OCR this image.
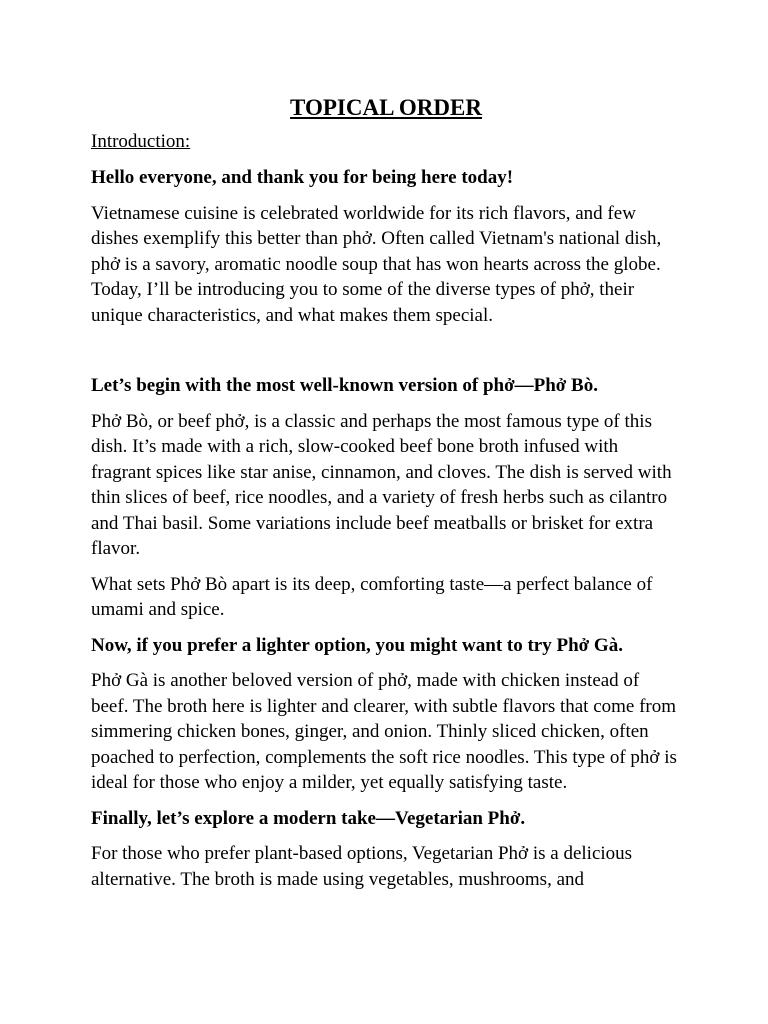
TOPICAL ORDER
Introduction:
Hello everyone, and thank you for being here today!
Vietnamese cuisine is celebrated worldwide for its rich flavors, and few dishes exemplify this better than phở. Often called Vietnam's national dish, phở is a savory, aromatic noodle soup that has won hearts across the globe. Today, I’ll be introducing you to some of the diverse types of phở, their unique characteristics, and what makes them special.
Let’s begin with the most well-known version of phở—Phở Bò.
Phở Bò, or beef phở, is a classic and perhaps the most famous type of this dish. It’s made with a rich, slow-cooked beef bone broth infused with fragrant spices like star anise, cinnamon, and cloves. The dish is served with thin slices of beef, rice noodles, and a variety of fresh herbs such as cilantro and Thai basil. Some variations include beef meatballs or brisket for extra flavor.
What sets Phở Bò apart is its deep, comforting taste—a perfect balance of umami and spice.
Now, if you prefer a lighter option, you might want to try Phở Gà.
Phở Gà is another beloved version of phở, made with chicken instead of beef. The broth here is lighter and clearer, with subtle flavors that come from simmering chicken bones, ginger, and onion. Thinly sliced chicken, often poached to perfection, complements the soft rice noodles. This type of phở is ideal for those who enjoy a milder, yet equally satisfying taste.
Finally, let’s explore a modern take—Vegetarian Phở.
For those who prefer plant-based options, Vegetarian Phở is a delicious alternative. The broth is made using vegetables, mushrooms, and
